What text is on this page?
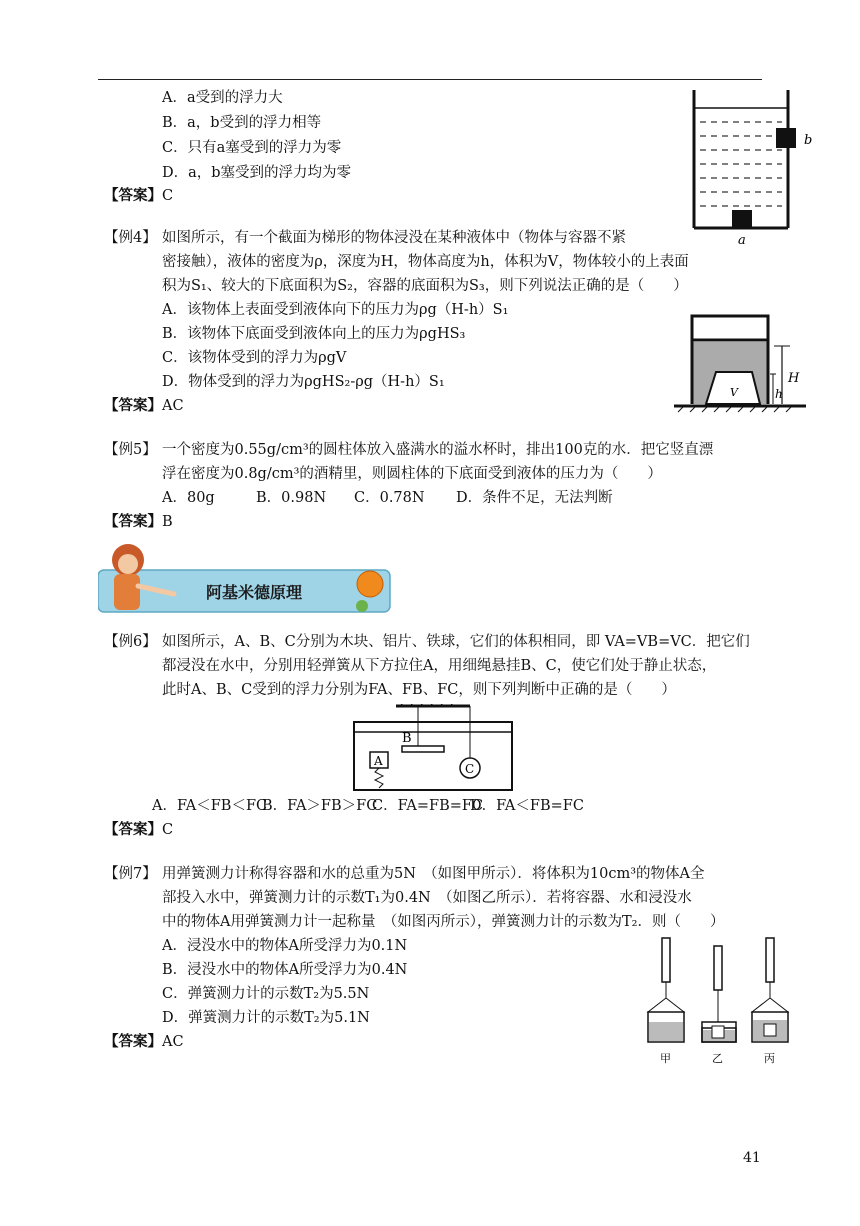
A．a受到的浮力大
B．a，b受到的浮力相等
C．只有a塞受到的浮力为零
D．a，b塞受到的浮力均为零
【答案】C
b
a
【例4】 如图所示，有一个截面为梯形的物体浸没在某种液体中（物体与容器不紧
密接触），液体的密度为ρ，深度为H，物体高度为h，体积为V，物体较小的上表面
积为S₁、较大的下底面积为S₂，容器的底面积为S₃，则下列说法正确的是（　　）
A．该物体上表面受到液体向下的压力为ρg（H-h）S₁
B．该物体下底面受到液体向上的压力为ρgHS₃
C．该物体受到的浮力为ρgV
D．物体受到的浮力为ρgHS₂-ρg（H-h）S₁
【答案】AC
H
h
V
【例5】 一个密度为0.55g/cm³的圆柱体放入盛满水的溢水杯时，排出100克的水．把它竖直漂
浮在密度为0.8g/cm³的酒精里，则圆柱体的下底面受到液体的压力为（　　）
A．80g	B．0.98N C．0.78N D．条件不足，无法判断
【答案】B
阿基米德原理
【例6】 如图所示，A、B、C分别为木块、铝片、铁球，它们的体积相同，即 VA=VB=VC．把它们
都浸没在水中，分别用轻弹簧从下方拉住A，用细绳悬挂B、C，使它们处于静止状态，
此时A、B、C受到的浮力分别为FA、FB、FC，则下列判断中正确的是（　　）
B
A
C
A．FA＜FB＜FC
B．FA＞FB＞FC
C．FA=FB=FC
D．FA＜FB=FC
【答案】C
【例7】 用弹簧测力计称得容器和水的总重为5N　（如图甲所示）．将体积为10cm³的物体A全
部投入水中，弹簧测力计的示数T₁为0.4N　（如图乙所示）．若将容器、水和浸没水
中的物体A用弹簧测力计一起称量　（如图丙所示），弹簧测力计的示数为T₂．则（　　）
A．浸没水中的物体A所受浮力为0.1N
B．浸没水中的物体A所受浮力为0.4N
C．弹簧测力计的示数T₂为5.5N
D．弹簧测力计的示数T₂为5.1N
【答案】AC
甲	乙	丙
41
